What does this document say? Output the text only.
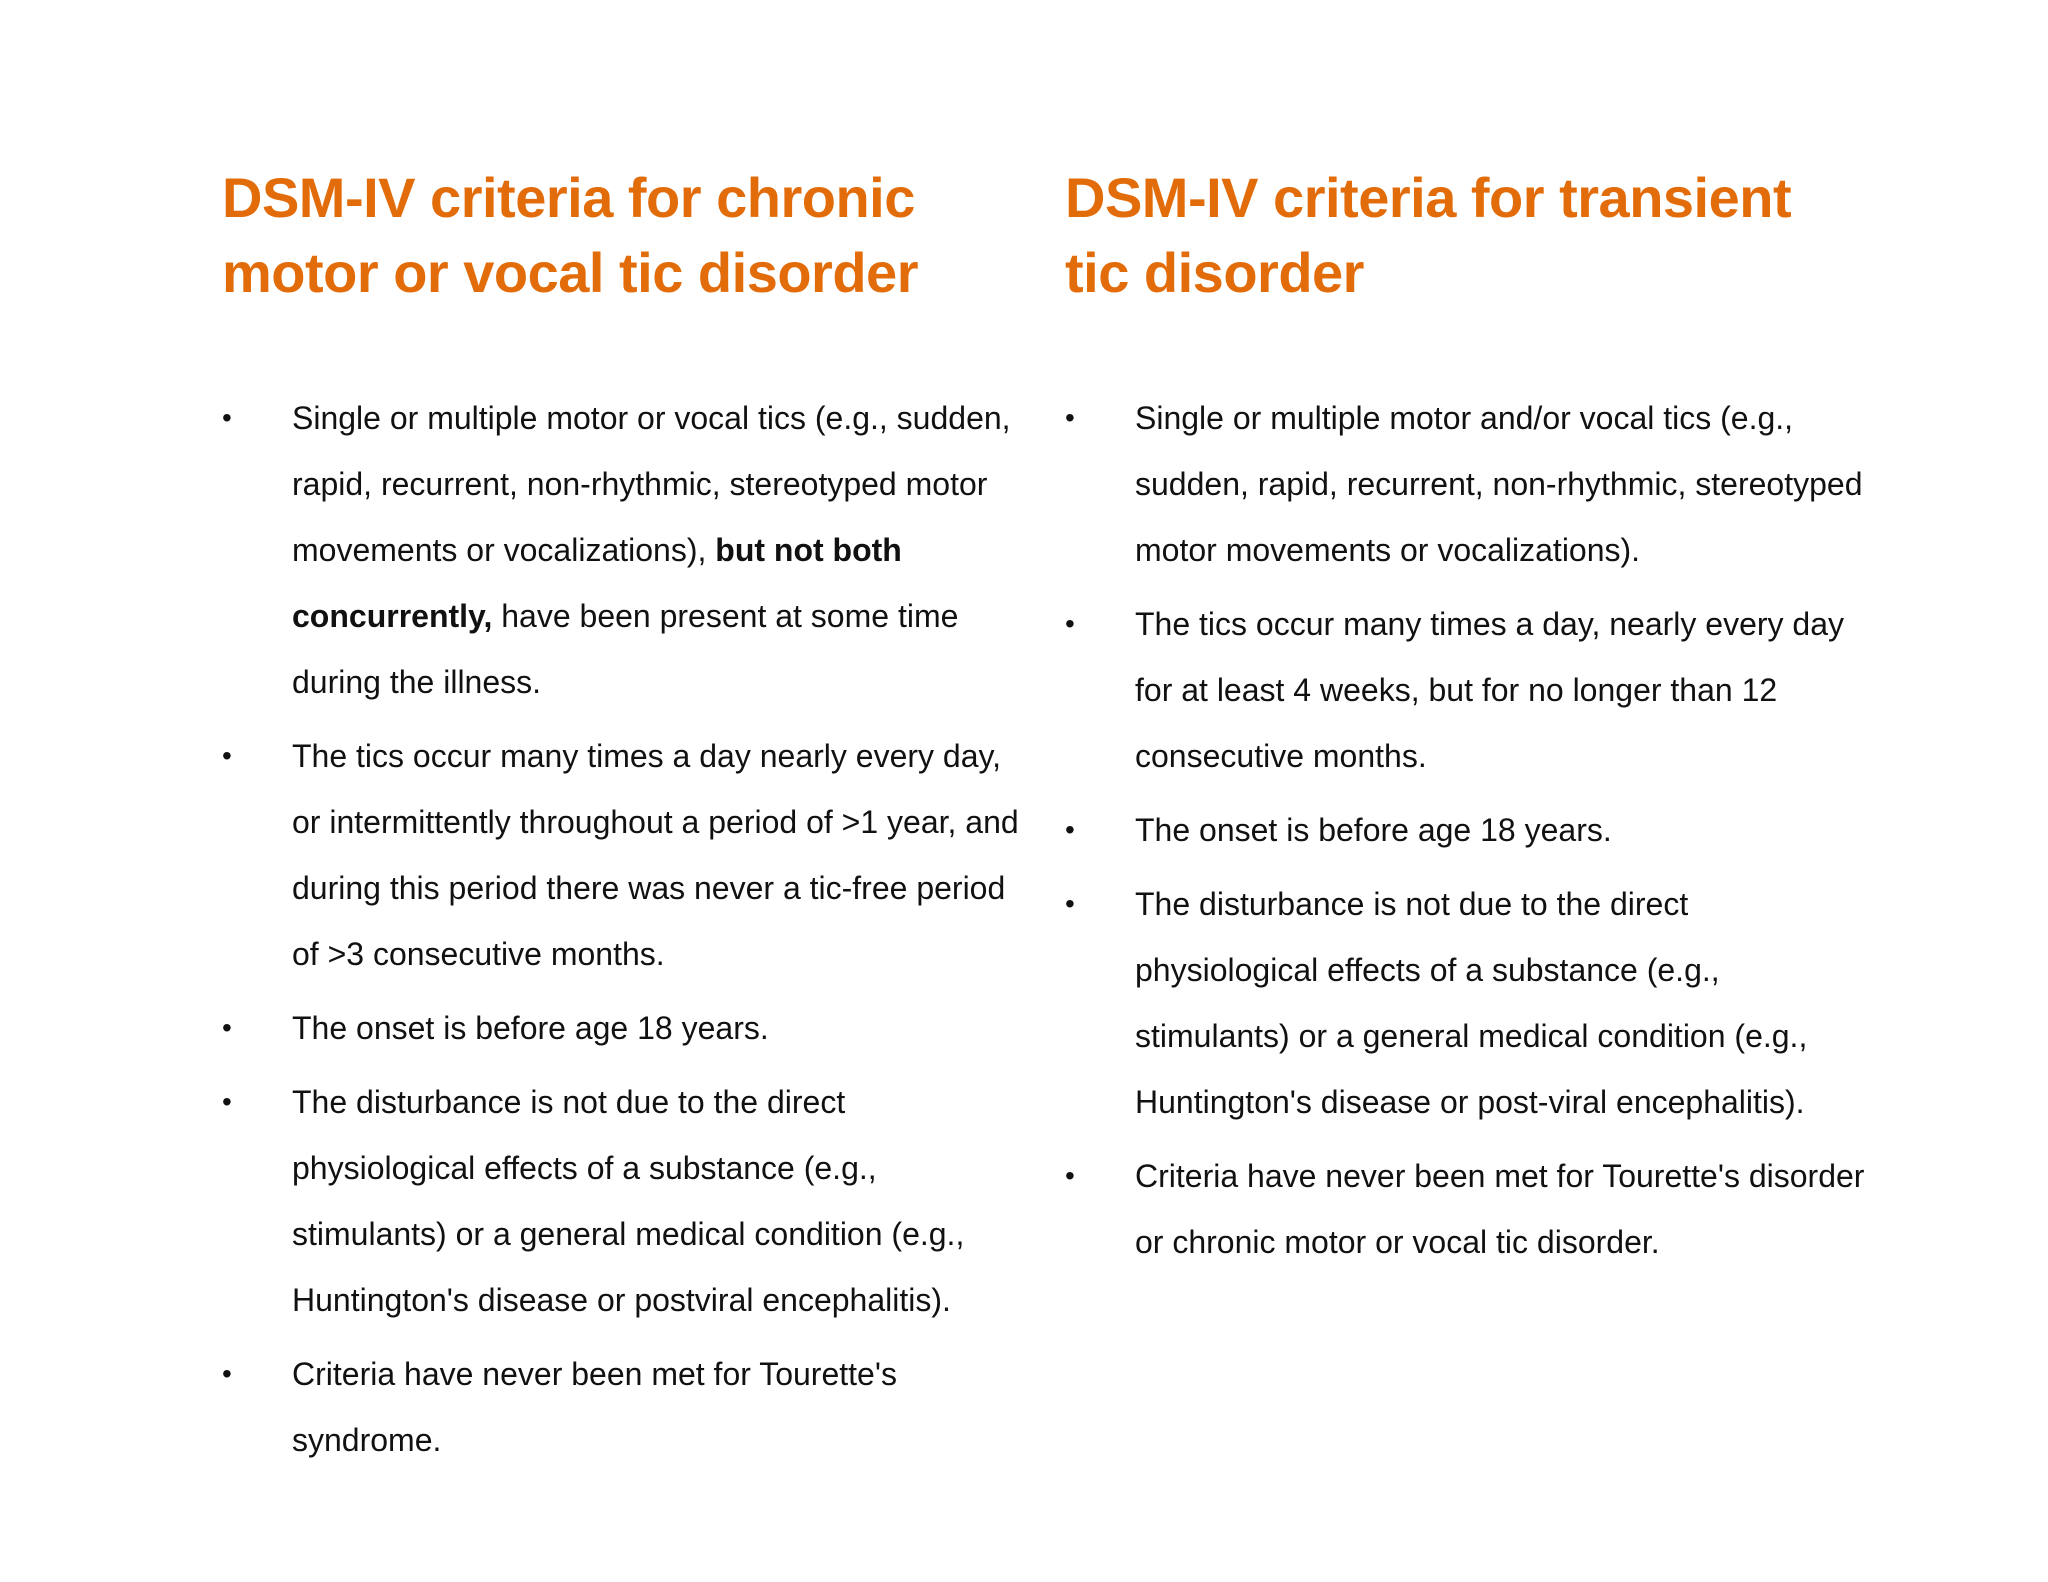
DSM-IV criteria for chronic motor or vocal tic disorder
•	Single or multiple motor or vocal tics (e.g., sudden, rapid, recurrent, non-rhythmic, stereotyped motor movements or vocalizations), but not both concurrently, have been present at some time during the illness.
•	The tics occur many times a day nearly every day, or intermittently throughout a period of >1 year, and during this period there was never a tic-free period of >3 consecutive months.
•	The onset is before age 18 years.
•	The disturbance is not due to the direct physiological effects of a substance (e.g., stimulants) or a general medical condition (e.g., Huntington's disease or postviral encephalitis).
•	Criteria have never been met for Tourette's syndrome.
DSM-IV criteria for transient tic disorder
•	Single or multiple motor and/or vocal tics (e.g., sudden, rapid, recurrent, non-rhythmic, stereotyped motor movements or vocalizations).
•	The tics occur many times a day, nearly every day for at least 4 weeks, but for no longer than 12 consecutive months.
•	The onset is before age 18 years.
•	The disturbance is not due to the direct physiological effects of a substance (e.g., stimulants) or a general medical condition (e.g., Huntington's disease or post-viral encephalitis).
•	Criteria have never been met for Tourette's disorder or chronic motor or vocal tic disorder.
